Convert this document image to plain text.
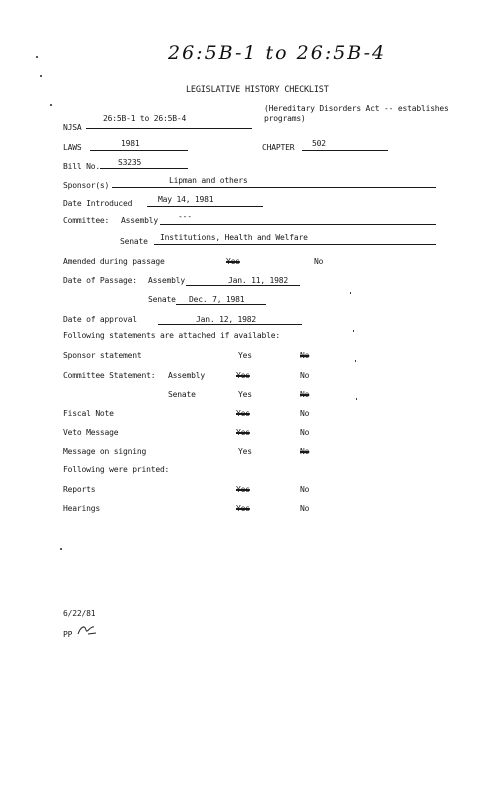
26:5B-1 to 26:5B-4
LEGISLATIVE HISTORY CHECKLIST
NJSA
26:5B-1 to 26:5B-4
(Hereditary Disorders Act -- establishes
programs)
LAWS	1981	CHAPTER 502
Bill No. S3235
Sponsor(s)
Lipman and others
Date Introduced	May 14, 1981
Committee: Assembly	---
Senate Institutions, Health and Welfare
Amended during passage	Yes	No
Date of Passage: Assembly	Jan. 11, 1982
Senate Dec. 7, 1981
Date of approval	Jan. 12, 1982
Following statements are attached if available:
Sponsor statement	Yes	No
Committee Statement: Assembly	Yes	No
Senate	Yes	No
Fiscal Note	Yes	No
Veto Message	Yes	No
Message on signing	Yes	No
Following were printed:
Reports	Yes	No
Hearings	Yes	No
6/22/81
PP
